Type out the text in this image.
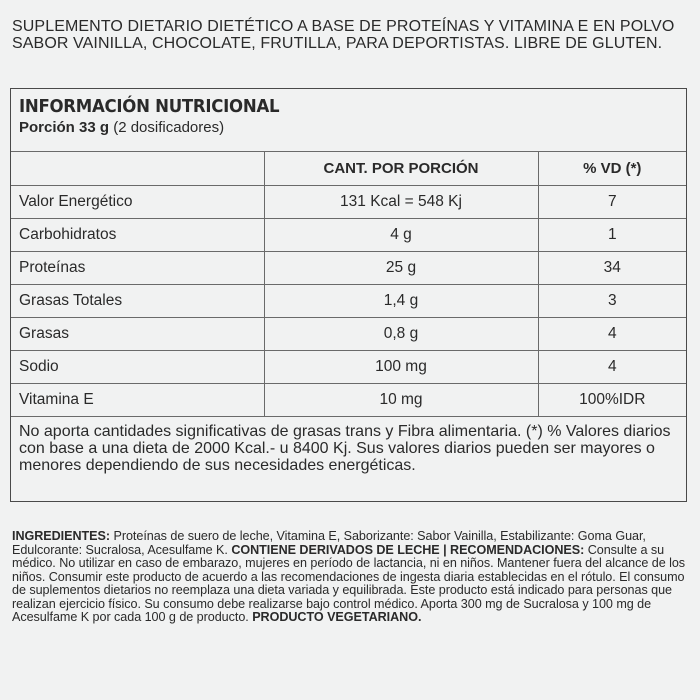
SUPLEMENTO DIETARIO DIETÉTICO A BASE DE PROTEÍNAS Y VITAMINA E EN POLVO SABOR VAINILLA, CHOCOLATE, FRUTILLA, PARA DEPORTISTAS. LIBRE DE GLUTEN.
INFORMACIÓN NUTRICIONAL
Porción 33 g (2 dosificadores)
	CANT. POR PORCIÓN	% VD (*)
Valor Energético	131 Kcal = 548 Kj	7
Carbohidratos	4 g	1
Proteínas	25 g	34
Grasas Totales	1,4 g	3
Grasas	0,8 g	4
Sodio	100 mg	4
Vitamina E	10 mg	100%IDR
No aporta cantidades significativas de grasas trans y Fibra alimentaria. (*) % Valores diarios con base a una dieta de 2000 Kcal.- u 8400 Kj. Sus valores diarios pueden ser mayores o menores dependiendo de sus necesidades energéticas.
INGREDIENTES: Proteínas de suero de leche, Vitamina E, Saborizante: Sabor Vainilla, Estabilizante: Goma Guar, Edulcorante: Sucralosa, Acesulfame K. CONTIENE DERIVADOS DE LECHE | RECOMENDACIONES: Consulte a su médico. No utilizar en caso de embarazo, mujeres en período de lactancia, ni en niños. Mantener fuera del alcance de los niños. Consumir este producto de acuerdo a las recomendaciones de ingesta diaria establecidas en el rótulo. El consumo de suplementos dietarios no reemplaza una dieta variada y equilibrada. Este producto está indicado para personas que realizan ejercicio físico. Su consumo debe realizarse bajo control médico. Aporta 300 mg de Sucralosa y 100 mg de Acesulfame K por cada 100 g de producto. PRODUCTO VEGETARIANO.
